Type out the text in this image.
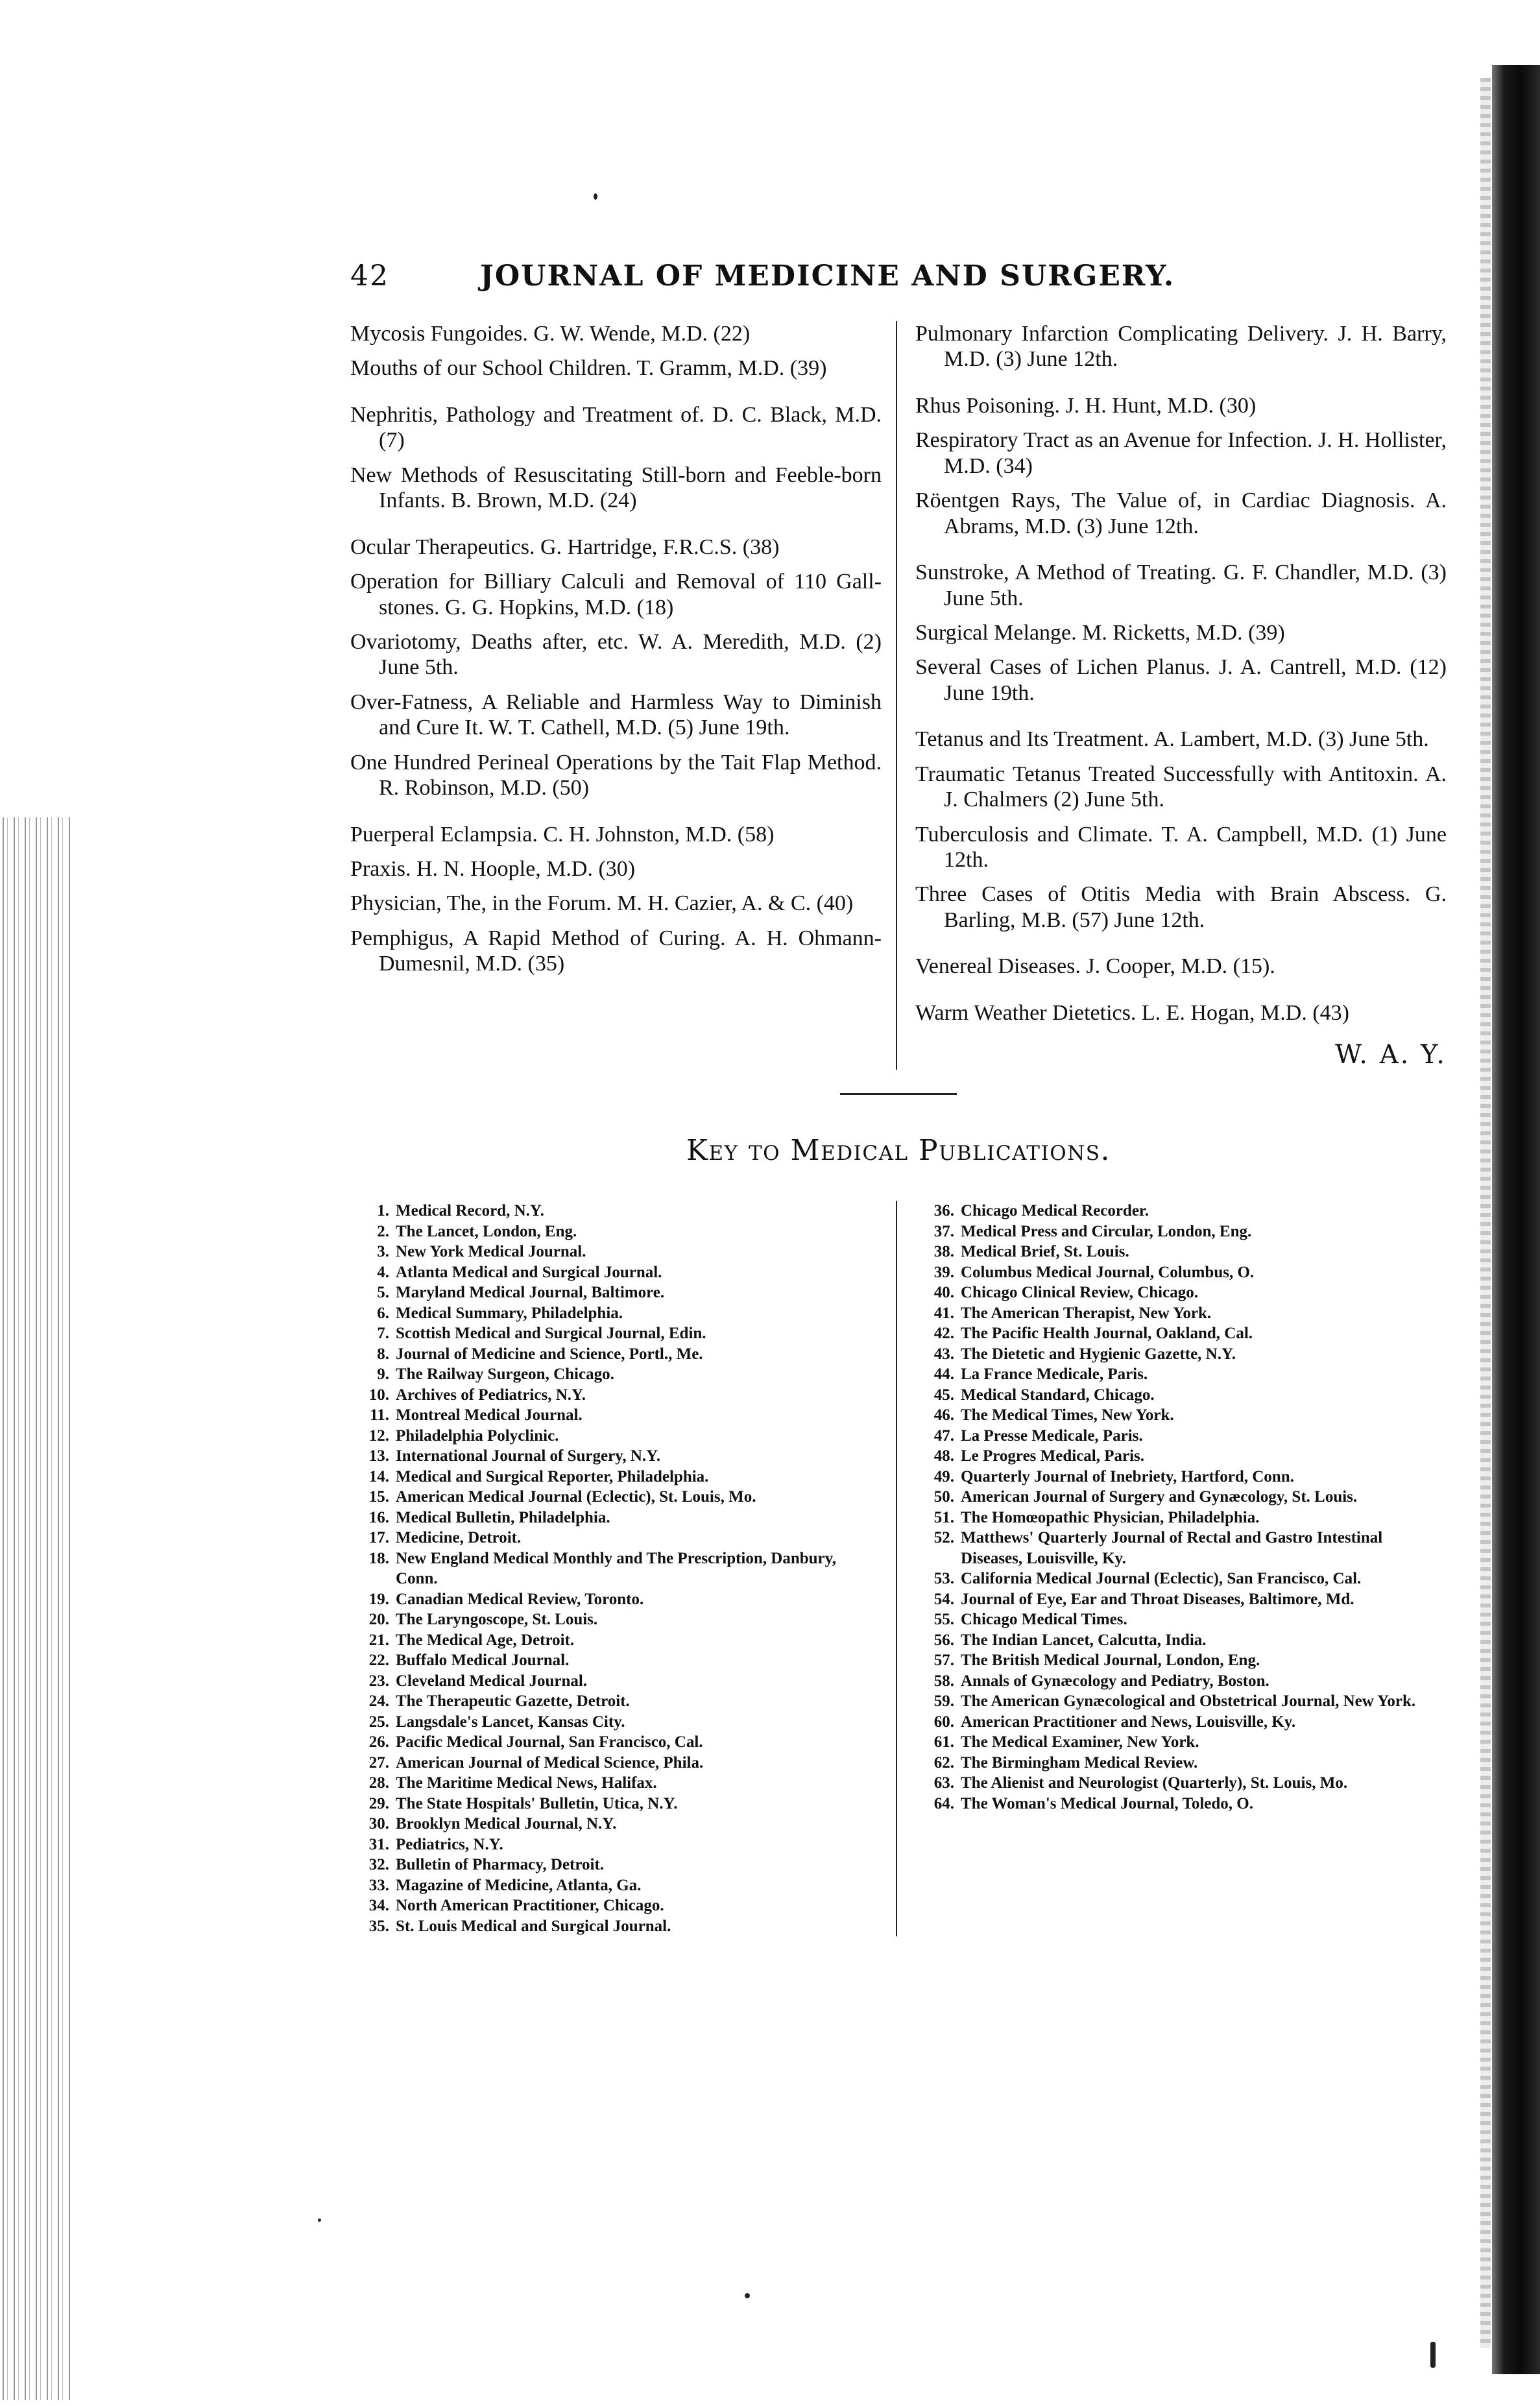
42	JOURNAL OF MEDICINE AND SURGERY.

Mycosis Fungoides. G. W. Wende, M.D. (22)

Mouths of our School Children. T. Gramm, M.D. (39)

Nephritis, Pathology and Treatment of. D. C. Black, M.D. (7)

New Methods of Resuscitating Still-born and Feeble-born Infants. B. Brown, M.D. (24)

Ocular Therapeutics. G. Hartridge, F.R.C.S. (38)

Operation for Billiary Calculi and Removal of 110 Gall-stones. G. G. Hopkins, M.D. (18)

Ovariotomy, Deaths after, etc. W. A. Meredith, M.D. (2) June 5th.

Over-Fatness, A Reliable and Harmless Way to Diminish and Cure It. W. T. Cathell, M.D. (5) June 19th.

One Hundred Perineal Operations by the Tait Flap Method. R. Robinson, M.D. (50)

Puerperal Eclampsia. C. H. Johnston, M.D. (58)

Praxis. H. N. Hoople, M.D. (30)

Physician, The, in the Forum. M. H. Cazier, A. & C. (40)

Pemphigus, A Rapid Method of Curing. A. H. Ohmann-Dumesnil, M.D. (35)

Pulmonary Infarction Complicating Delivery. J. H. Barry, M.D. (3) June 12th.

Rhus Poisoning. J. H. Hunt, M.D. (30)

Respiratory Tract as an Avenue for Infection. J. H. Hollister, M.D. (34)

Röentgen Rays, The Value of, in Cardiac Diagnosis. A. Abrams, M.D. (3) June 12th.

Sunstroke, A Method of Treating. G. F. Chandler, M.D. (3) June 5th.

Surgical Melange. M. Ricketts, M.D. (39)

Several Cases of Lichen Planus. J. A. Cantrell, M.D. (12) June 19th.

Tetanus and Its Treatment. A. Lambert, M.D. (3) June 5th.

Traumatic Tetanus Treated Successfully with Antitoxin. A. J. Chalmers (2) June 5th.

Tuberculosis and Climate. T. A. Campbell, M.D. (1) June 12th.

Three Cases of Otitis Media with Brain Abscess. G. Barling, M.B. (57) June 12th.

Venereal Diseases. J. Cooper, M.D. (15).

Warm Weather Dietetics. L. E. Hogan, M.D. (43)

W. A. Y.
Key to Medical Publications.

1. Medical Record, N.Y.

2. The Lancet, London, Eng.

3. New York Medical Journal.

4. Atlanta Medical and Surgical Journal.

5. Maryland Medical Journal, Baltimore.

6. Medical Summary, Philadelphia.

7. Scottish Medical and Surgical Journal, Edin.

8. Journal of Medicine and Science, Portl., Me.

9. The Railway Surgeon, Chicago.

10. Archives of Pediatrics, N.Y.

11. Montreal Medical Journal.

12. Philadelphia Polyclinic.

13. International Journal of Surgery, N.Y.

14. Medical and Surgical Reporter, Philadelphia.

15. American Medical Journal (Eclectic), St. Louis, Mo.

16. Medical Bulletin, Philadelphia.

17. Medicine, Detroit.

18. New England Medical Monthly and The Prescription, Danbury, Conn.

19. Canadian Medical Review, Toronto.

20. The Laryngoscope, St. Louis.

21. The Medical Age, Detroit.

22. Buffalo Medical Journal.

23. Cleveland Medical Journal.

24. The Therapeutic Gazette, Detroit.

25. Langsdale's Lancet, Kansas City.

26. Pacific Medical Journal, San Francisco, Cal.

27. American Journal of Medical Science, Phila.

28. The Maritime Medical News, Halifax.

29. The State Hospitals' Bulletin, Utica, N.Y.

30. Brooklyn Medical Journal, N.Y.

31. Pediatrics, N.Y.

32. Bulletin of Pharmacy, Detroit.

33. Magazine of Medicine, Atlanta, Ga.

34. North American Practitioner, Chicago.

35. St. Louis Medical and Surgical Journal.

36. Chicago Medical Recorder.

37. Medical Press and Circular, London, Eng.

38. Medical Brief, St. Louis.

39. Columbus Medical Journal, Columbus, O.

40. Chicago Clinical Review, Chicago.

41. The American Therapist, New York.

42. The Pacific Health Journal, Oakland, Cal.

43. The Dietetic and Hygienic Gazette, N.Y.

44. La France Medicale, Paris.

45. Medical Standard, Chicago.

46. The Medical Times, New York.

47. La Presse Medicale, Paris.

48. Le Progres Medical, Paris.

49. Quarterly Journal of Inebriety, Hartford, Conn.

50. American Journal of Surgery and Gynæcology, St. Louis.

51. The Homœopathic Physician, Philadelphia.

52. Matthews' Quarterly Journal of Rectal and Gastro Intestinal Diseases, Louisville, Ky.

53. California Medical Journal (Eclectic), San Francisco, Cal.

54. Journal of Eye, Ear and Throat Diseases, Baltimore, Md.

55. Chicago Medical Times.

56. The Indian Lancet, Calcutta, India.

57. The British Medical Journal, London, Eng.

58. Annals of Gynæcology and Pediatry, Boston.

59. The American Gynæcological and Obstetrical Journal, New York.

60. American Practitioner and News, Louisville, Ky.

61. The Medical Examiner, New York.

62. The Birmingham Medical Review.

63. The Alienist and Neurologist (Quarterly), St. Louis, Mo.

64. The Woman's Medical Journal, Toledo, O.
